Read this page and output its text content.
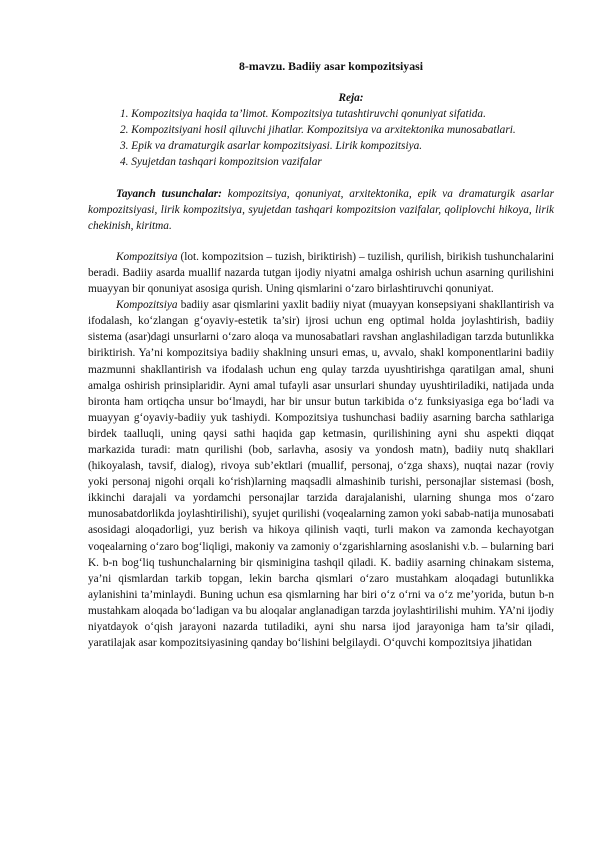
8-mavzu. Badiiy asar kompozitsiyasi

Reja:

1. Kompozitsiya haqida ta’limot. Kompozitsiya tutashtiruvchi qonuniyat sifatida.

2. Kompozitsiyani hosil qiluvchi jihatlar. Kompozitsiya va arxitektonika munosabatlari.

3. Epik va dramaturgik asarlar kompozitsiyasi. Lirik kompozitsiya.

4. Syujetdan tashqari kompozitsion vazifalar

Tayanch tusunchalar: kompozitsiya, qonuniyat, arxitektonika, epik va dramaturgik asarlar kompozitsiyasi, lirik kompozitsiya, syujetdan tashqari kompozitsion vazifalar, qoliplovchi hikoya, lirik chekinish, kiritma.

Kompozitsiya (lot. kompozitsion – tuzish, biriktirish) – tuzilish, qurilish, birikish tushunchalarini beradi. Badiiy asarda muallif nazarda tutgan ijodiy niyatni amalga oshirish uchun asarning qurilishini muayyan bir qonuniyat asosiga qurish. Uning qismlarini o‘zaro birlashtiruvchi qonuniyat.

Kompozitsiya badiiy asar qismlarini yaxlit badiiy niyat (muayyan konsepsiyani shakllantirish va ifodalash, ko‘zlangan g‘oyaviy-estetik ta’sir) ijrosi uchun eng optimal holda joylashtirish, badiiy sistema (asar)dagi unsurlarni o‘zaro aloqa va munosabatlari ravshan anglashiladigan tarzda butunlikka biriktirish. Ya’ni kompozitsiya badiiy shaklning unsuri emas, u, avvalo, shakl komponentlarini badiiy mazmunni shakllantirish va ifodalash uchun eng qulay tarzda uyushtirishga qaratilgan amal, shuni amalga oshirish prinsiplaridir. Ayni amal tufayli asar unsurlari shunday uyushtiriladiki, natijada unda bironta ham ortiqcha unsur bo‘lmaydi, har bir unsur butun tarkibida o‘z funksiyasiga ega bo‘ladi va muayyan g‘oyaviy-badiiy yuk tashiydi. Kompozitsiya tushunchasi badiiy asarning barcha sathlariga birdek taalluqli, uning qaysi sathi haqida gap ketmasin, qurilishining ayni shu aspekti diqqat markazida turadi: matn qurilishi (bob, sarlavha, asosiy va yondosh matn), badiiy nutq shakllari (hikoyalash, tavsif, dialog), rivoya sub’ektlari (muallif, personaj, o‘zga shaxs), nuqtai nazar (roviy yoki personaj nigohi orqali ko‘rish)larning maqsadli almashinib turishi, personajlar sistemasi (bosh, ikkinchi darajali va yordamchi personajlar tarzida darajalanishi, ularning shunga mos o‘zaro munosabatdorlikda joylashtirilishi), syujet qurilishi (voqealarning zamon yoki sabab-natija munosabati asosidagi aloqadorligi, yuz berish va hikoya qilinish vaqti, turli makon va zamonda kechayotgan voqealarning o‘zaro bog‘liqligi, makoniy va zamoniy o‘zgarishlarning asoslanishi v.b. – bularning bari K. b-n bog‘liq tushunchalarning bir qisminigina tashqil qiladi. K. badiiy asarning chinakam sistema, ya’ni qismlardan tarkib topgan, lekin barcha qismlari o‘zaro mustahkam aloqadagi butunlikka aylanishini ta’minlaydi. Buning uchun esa qismlarning har biri o‘z o‘rni va o‘z me’yorida, butun b-n mustahkam aloqada bo‘ladigan va bu aloqalar anglanadigan tarzda joylashtirilishi muhim. YA’ni ijodiy niyatdayok o‘qish jarayoni nazarda tutiladiki, ayni shu narsa ijod jarayoniga ham ta’sir qiladi, yaratilajak asar kompozitsiyasining qanday bo‘lishini belgilaydi. O‘quvchi kompozitsiya jihatidan
